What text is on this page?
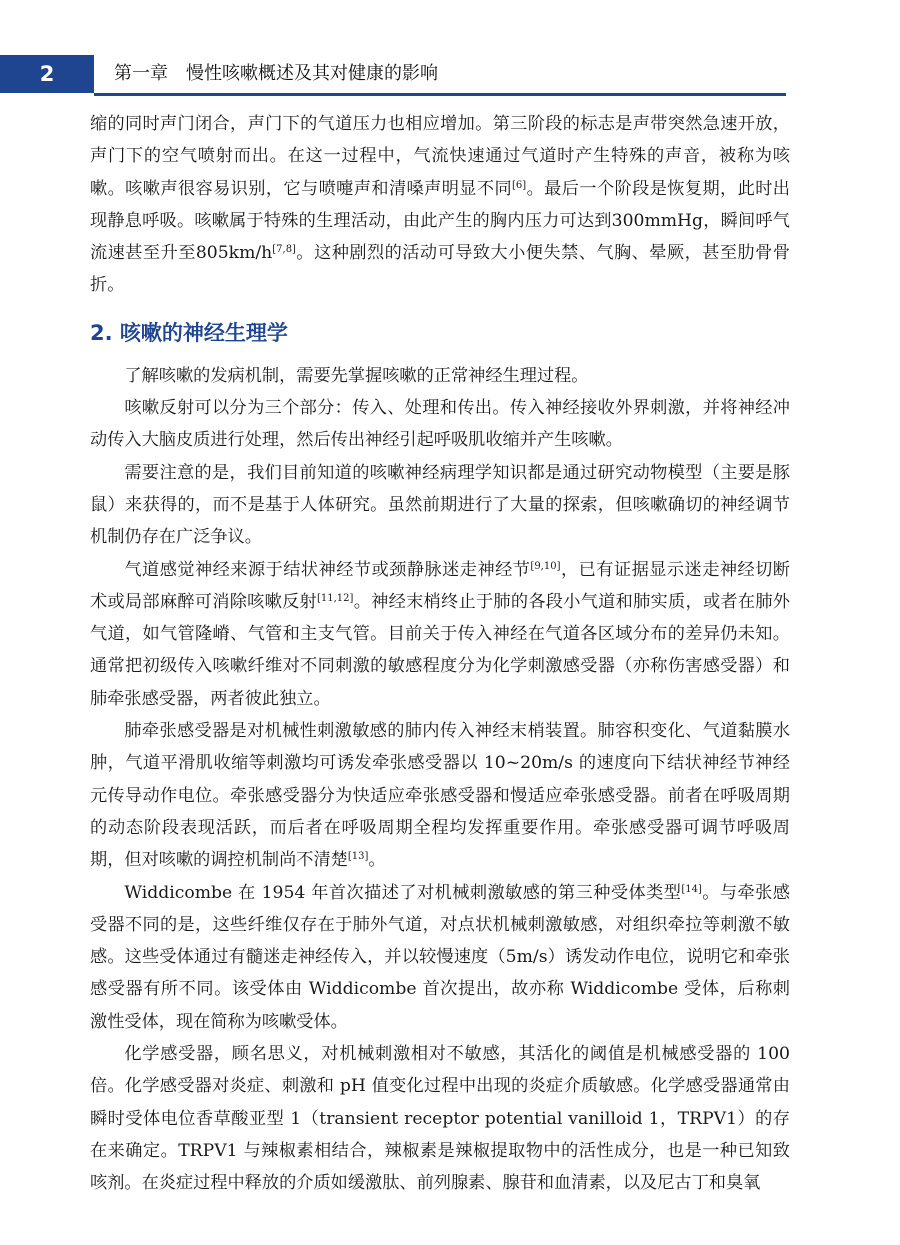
2	第一章　慢性咳嗽概述及其对健康的影响

缩的同时声门闭合，声门下的气道压力也相应增加。第三阶段的标志是声带突然急速开放，声门下的空气喷射而出。在这一过程中，气流快速通过气道时产生特殊的声音，被称为咳嗽。咳嗽声很容易识别，它与喷嚏声和清嗓声明显不同[6]。最后一个阶段是恢复期，此时出现静息呼吸。咳嗽属于特殊的生理活动，由此产生的胸内压力可达到300mmHg，瞬间呼气流速甚至升至805km/h[7,8]。这种剧烈的活动可导致大小便失禁、气胸、晕厥，甚至肋骨骨折。

2. 咳嗽的神经生理学

了解咳嗽的发病机制，需要先掌握咳嗽的正常神经生理过程。

咳嗽反射可以分为三个部分：传入、处理和传出。传入神经接收外界刺激，并将神经冲动传入大脑皮质进行处理，然后传出神经引起呼吸肌收缩并产生咳嗽。

需要注意的是，我们目前知道的咳嗽神经病理学知识都是通过研究动物模型（主要是豚鼠）来获得的，而不是基于人体研究。虽然前期进行了大量的探索，但咳嗽确切的神经调节机制仍存在广泛争议。

气道感觉神经来源于结状神经节或颈静脉迷走神经节[9,10]，已有证据显示迷走神经切断术或局部麻醉可消除咳嗽反射[11,12]。神经末梢终止于肺的各段小气道和肺实质，或者在肺外气道，如气管隆嵴、气管和主支气管。目前关于传入神经在气道各区域分布的差异仍未知。通常把初级传入咳嗽纤维对不同刺激的敏感程度分为化学刺激感受器（亦称伤害感受器）和肺牵张感受器，两者彼此独立。

肺牵张感受器是对机械性刺激敏感的肺内传入神经末梢装置。肺容积变化、气道黏膜水肿，气道平滑肌收缩等刺激均可诱发牵张感受器以 10~20m/s 的速度向下结状神经节神经元传导动作电位。牵张感受器分为快适应牵张感受器和慢适应牵张感受器。前者在呼吸周期的动态阶段表现活跃，而后者在呼吸周期全程均发挥重要作用。牵张感受器可调节呼吸周期，但对咳嗽的调控机制尚不清楚[13]。

Widdicombe 在 1954 年首次描述了对机械刺激敏感的第三种受体类型[14]。与牵张感受器不同的是，这些纤维仅存在于肺外气道，对点状机械刺激敏感，对组织牵拉等刺激不敏感。这些受体通过有髓迷走神经传入，并以较慢速度（5m/s）诱发动作电位，说明它和牵张感受器有所不同。该受体由 Widdicombe 首次提出，故亦称 Widdicombe 受体，后称刺激性受体，现在简称为咳嗽受体。

化学感受器，顾名思义，对机械刺激相对不敏感，其活化的阈值是机械感受器的 100 倍。化学感受器对炎症、刺激和 pH 值变化过程中出现的炎症介质敏感。化学感受器通常由瞬时受体电位香草酸亚型 1（transient receptor potential vanilloid 1，TRPV1）的存在来确定。TRPV1 与辣椒素相结合，辣椒素是辣椒提取物中的活性成分，也是一种已知致咳剂。在炎症过程中释放的介质如缓激肽、前列腺素、腺苷和血清素，以及尼古丁和臭氧
